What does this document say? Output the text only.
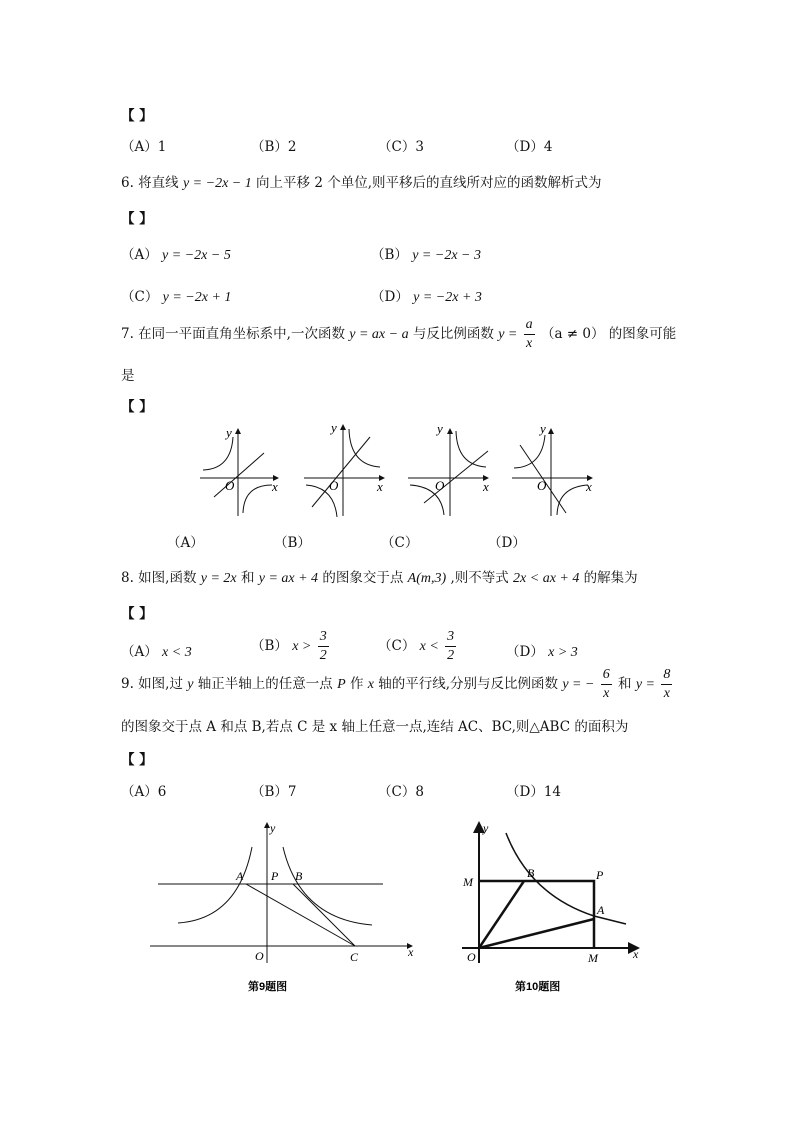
【 】
（A）1	（B）2	（C）3	（D）4
6. 将直线 y = −2x − 1 向上平移 2 个单位,则平移后的直线所对应的函数解析式为
【 】
（A） y = −2x − 5	（B） y = −2x − 3
（C） y = −2x + 1	（D） y = −2x + 3
7. 在同一平面直角坐标系中,一次函数 y = ax − a 与反比例函数 $y = \frac{a}{x} (a \ne 0)$ 的图象可能
是
【 】
y
x
O
y
x
O
y
x
O
y
x
O
（A）	（B）	（C）	（D）
8. 如图,函数 y = 2x 和 y = ax + 4 的图象交于点 A(m,3) ,则不等式 2x < ax + 4 的解集为
【 】
（A） x < 3	（B） $x > \frac{3}{2}$	（C） $x < \frac{3}{2}$	（D） x > 3
9. 如图,过 y 轴正半轴上的任意一点 P 作 x 轴的平行线,分别与反比例函数 y = − $\frac{6}{x}$ 和 $y = \frac{8}{x}$
的图象交于点 A 和点 B,若点 C 是 x 轴上任意一点,连结 AC、BC,则△ABC 的面积为
【 】
（A）6	（B）7	（C）8	（D）14
A P B
O	C	x
y
第9题图
B	P
M
A
O	M	x
y
第10题图
